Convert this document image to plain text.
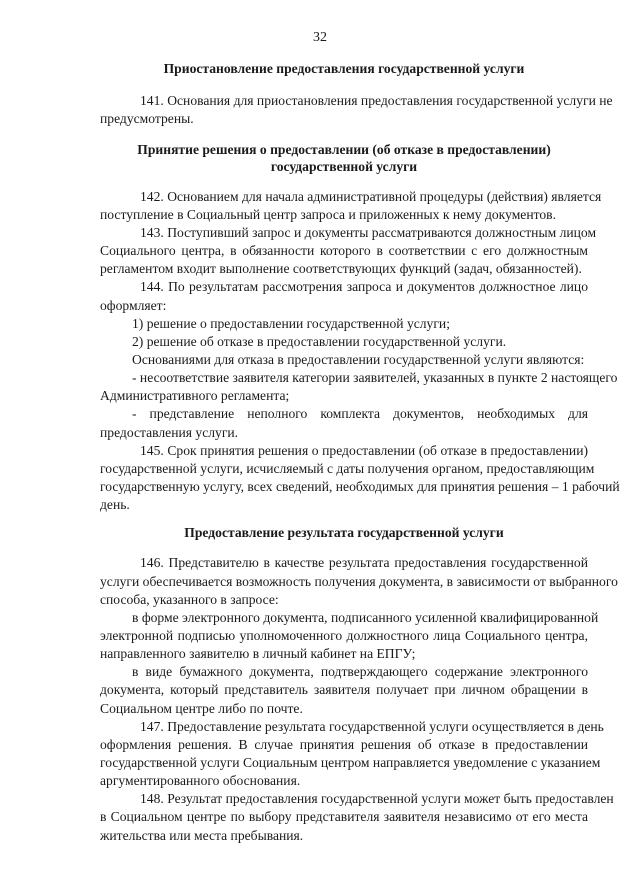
32
Приостановление предоставления государственной услуги
141. Основания для приостановления предоставления государственной услуги не
предусмотрены.
Принятие решения о предоставлении (об отказе в предоставлении)
государственной услуги
142. Основанием для начала административной процедуры (действия) является
поступление в Социальный центр запроса и приложенных к нему документов.
143. Поступивший запрос и документы рассматриваются должностным лицом
Социального центра, в обязанности которого в соответствии с его должностным
регламентом входит выполнение соответствующих функций (задач, обязанностей).
144. По результатам рассмотрения запроса и документов должностное лицо
оформляет:
1) решение о предоставлении государственной услуги;
2) решение об отказе в предоставлении государственной услуги.
Основаниями для отказа в предоставлении государственной услуги являются:
- несоответствие заявителя категории заявителей, указанных в пункте 2 настоящего
Административного регламента;
- представление неполного комплекта документов, необходимых для
предоставления услуги.
145. Срок принятия решения о предоставлении (об отказе в предоставлении)
государственной услуги, исчисляемый с даты получения органом, предоставляющим
государственную услугу, всех сведений, необходимых для принятия решения – 1 рабочий
день.
Предоставление результата государственной услуги
146. Представителю в качестве результата предоставления государственной
услуги обеспечивается возможность получения документа, в зависимости от выбранного
способа, указанного в запросе:
в форме электронного документа, подписанного усиленной квалифицированной
электронной подписью уполномоченного должностного лица Социального центра,
направленного заявителю в личный кабинет на ЕПГУ;
в виде бумажного документа, подтверждающего содержание электронного
документа, который представитель заявителя получает при личном обращении в
Социальном центре либо по почте.
147. Предоставление результата государственной услуги осуществляется в день
оформления решения. В случае принятия решения об отказе в предоставлении
государственной услуги Социальным центром направляется уведомление с указанием
аргументированного обоснования.
148. Результат предоставления государственной услуги может быть предоставлен
в Социальном центре по выбору представителя заявителя независимо от его места
жительства или места пребывания.
